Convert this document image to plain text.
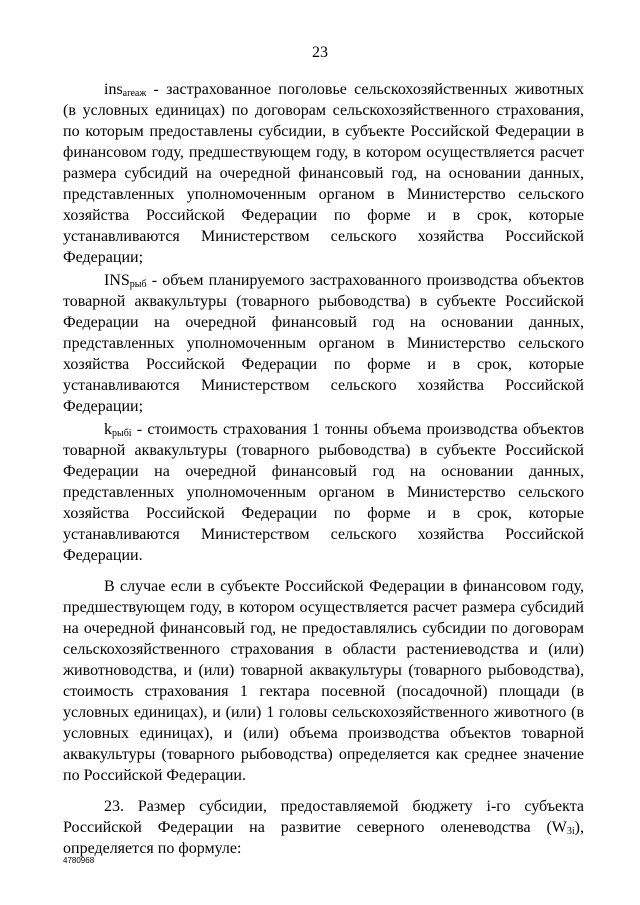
23

ins$_{areaж}$ - застрахованное поголовье сельскохозяйственных животных (в условных единицах) по договорам сельскохозяйственного страхования, по которым предоставлены субсидии, в субъекте Российской Федерации в финансовом году, предшествующем году, в котором осуществляется расчет размера субсидий на очередной финансовый год, на основании данных, представленных уполномоченным органом в Министерство сельского хозяйства Российской Федерации по форме и в срок, которые устанавливаются Министерством сельского хозяйства Российской Федерации;

$INS_{рыб}$ - объем планируемого застрахованного производства объектов товарной аквакультуры (товарного рыбоводства) в субъекте Российской Федерации на очередной финансовый год на основании данных, представленных уполномоченным органом в Министерство сельского хозяйства Российской Федерации по форме и в срок, которые устанавливаются Министерством сельского хозяйства Российской Федерации;

$k_{рыбi}$ - стоимость страхования 1 тонны объема производства объектов товарной аквакультуры (товарного рыбоводства) в субъекте Российской Федерации на очередной финансовый год на основании данных, представленных уполномоченным органом в Министерство сельского хозяйства Российской Федерации по форме и в срок, которые устанавливаются Министерством сельского хозяйства Российской Федерации.

В случае если в субъекте Российской Федерации в финансовом году, предшествующем году, в котором осуществляется расчет размера субсидий на очередной финансовый год, не предоставлялись субсидии по договорам сельскохозяйственного страхования в области растениеводства и (или) животноводства, и (или) товарной аквакультуры (товарного рыбоводства), стоимость страхования 1 гектара посевной (посадочной) площади (в условных единицах), и (или) 1 головы сельскохозяйственного животного (в условных единицах), и (или) объема производства объектов товарной аквакультуры (товарного рыбоводства) определяется как среднее значение по Российской Федерации.

23. Размер субсидии, предоставляемой бюджету i-го субъекта Российской Федерации на развитие северного оленеводства $(W_{3i})$, определяется по формуле:

4780968
